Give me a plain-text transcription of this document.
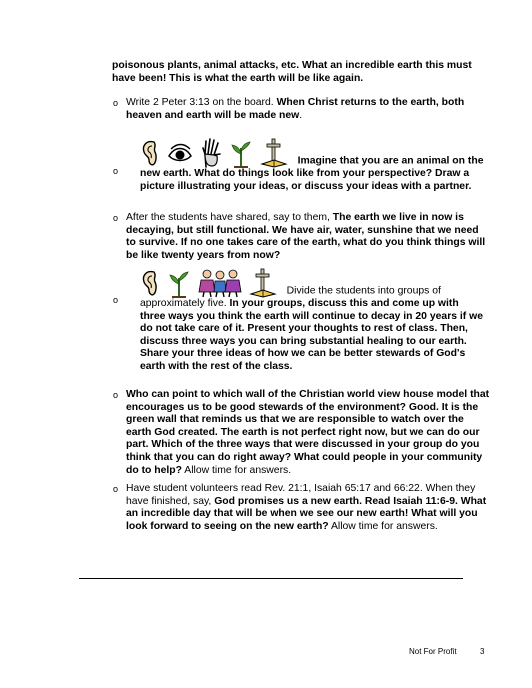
poisonous plants, animal attacks, etc. What an incredible earth this must have been! This is what the earth will be like again.

o Write 2 Peter 3:13 on the board. When Christ returns to the earth, both heaven and earth will be made new.

o
Imagine that you are an animal on the new earth. What do things look like from your perspective? Draw a picture illustrating your ideas, or discuss your ideas with a partner.
o After the students have shared, say to them, The earth we live in now is decaying, but still functional. We have air, water, sunshine that we need to survive. If no one takes care of the earth, what do you think things will be like twenty years from now?

o
Divide the students into groups of approximately five. In your groups, discuss this and come up with three ways you think the earth will continue to decay in 20 years if we do not take care of it. Present your thoughts to rest of class. Then, discuss three ways you can bring substantial healing to our earth. Share your three ideas of how we can be better stewards of God's earth with the rest of the class.
o Who can point to which wall of the Christian world view house model that encourages us to be good stewards of the environment? Good. It is the green wall that reminds us that we are responsible to watch over the earth God created. The earth is not perfect right now, but we can do our part. Which of the three ways that were discussed in your group do you think that you can do right away? What could people in your community do to help? Allow time for answers.

o Have student volunteers read Rev. 21:1, Isaiah 65:17 and 66:22. When they have finished, say, God promises us a new earth. Read Isaiah 11:6-9. What an incredible day that will be when we see our new earth! What will you look forward to seeing on the new earth? Allow time for answers.

Not For Profit	3
